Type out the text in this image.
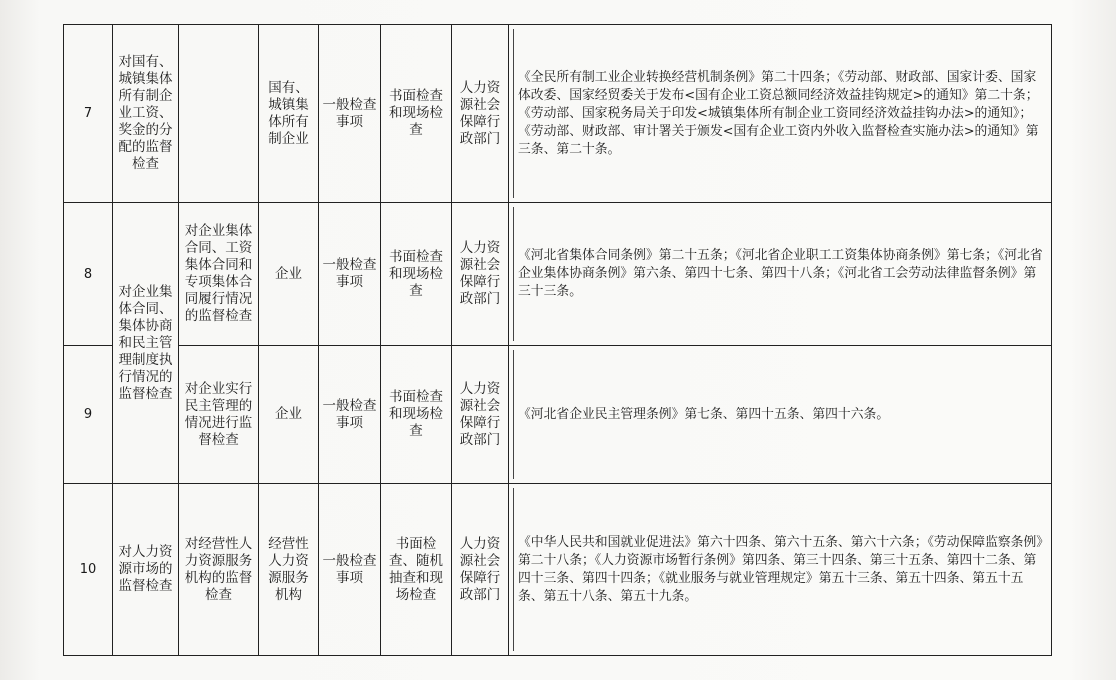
7	对国有、城镇集体所有制企业工资、奖金的分配的监督检查		国有、城镇集体所有制企业	一般检查事项	书面检查和现场检查	人力资源社会保障行政部门	《全民所有制工业企业转换经营机制条例》第二十四条；《劳动部、财政部、国家计委、国家体改委、国家经贸委关于发布<国有企业工资总额同经济效益挂钩规定>的通知》第二十条；《劳动部、国家税务局关于印发<城镇集体所有制企业工资同经济效益挂钩办法>的通知》；《劳动部、财政部、审计署关于颁发<国有企业工资内外收入监督检查实施办法>的通知》第三条、第二十条。

8	对企业集体合同、集体协商和民主管理制度执行情况的监督检查	对企业集体合同、工资集体合同和专项集体合同履行情况的监督检查	企业	一般检查事项	书面检查和现场检查	人力资源社会保障行政部门	《河北省集体合同条例》第二十五条；《河北省企业职工工资集体协商条例》第七条；《河北省企业集体协商条例》第六条、第四十七条、第四十八条；《河北省工会劳动法律监督条例》第三十三条。

9		对企业实行民主管理的情况进行监督检查	企业	一般检查事项	书面检查和现场检查	人力资源社会保障行政部门	《河北省企业民主管理条例》第七条、第四十五条、第四十六条。

10	对人力资源市场的监督检查	对经营性人力资源服务机构的监督检查	经营性人力资源服务机构	一般检查事项	书面检查、随机抽查和现场检查	人力资源社会保障行政部门	《中华人民共和国就业促进法》第六十四条、第六十五条、第六十六条；《劳动保障监察条例》第二十八条；《人力资源市场暂行条例》第四条、第三十四条、第三十五条、第四十二条、第四十三条、第四十四条；《就业服务与就业管理规定》第五十三条、第五十四条、第五十五条、第五十八条、第五十九条。
